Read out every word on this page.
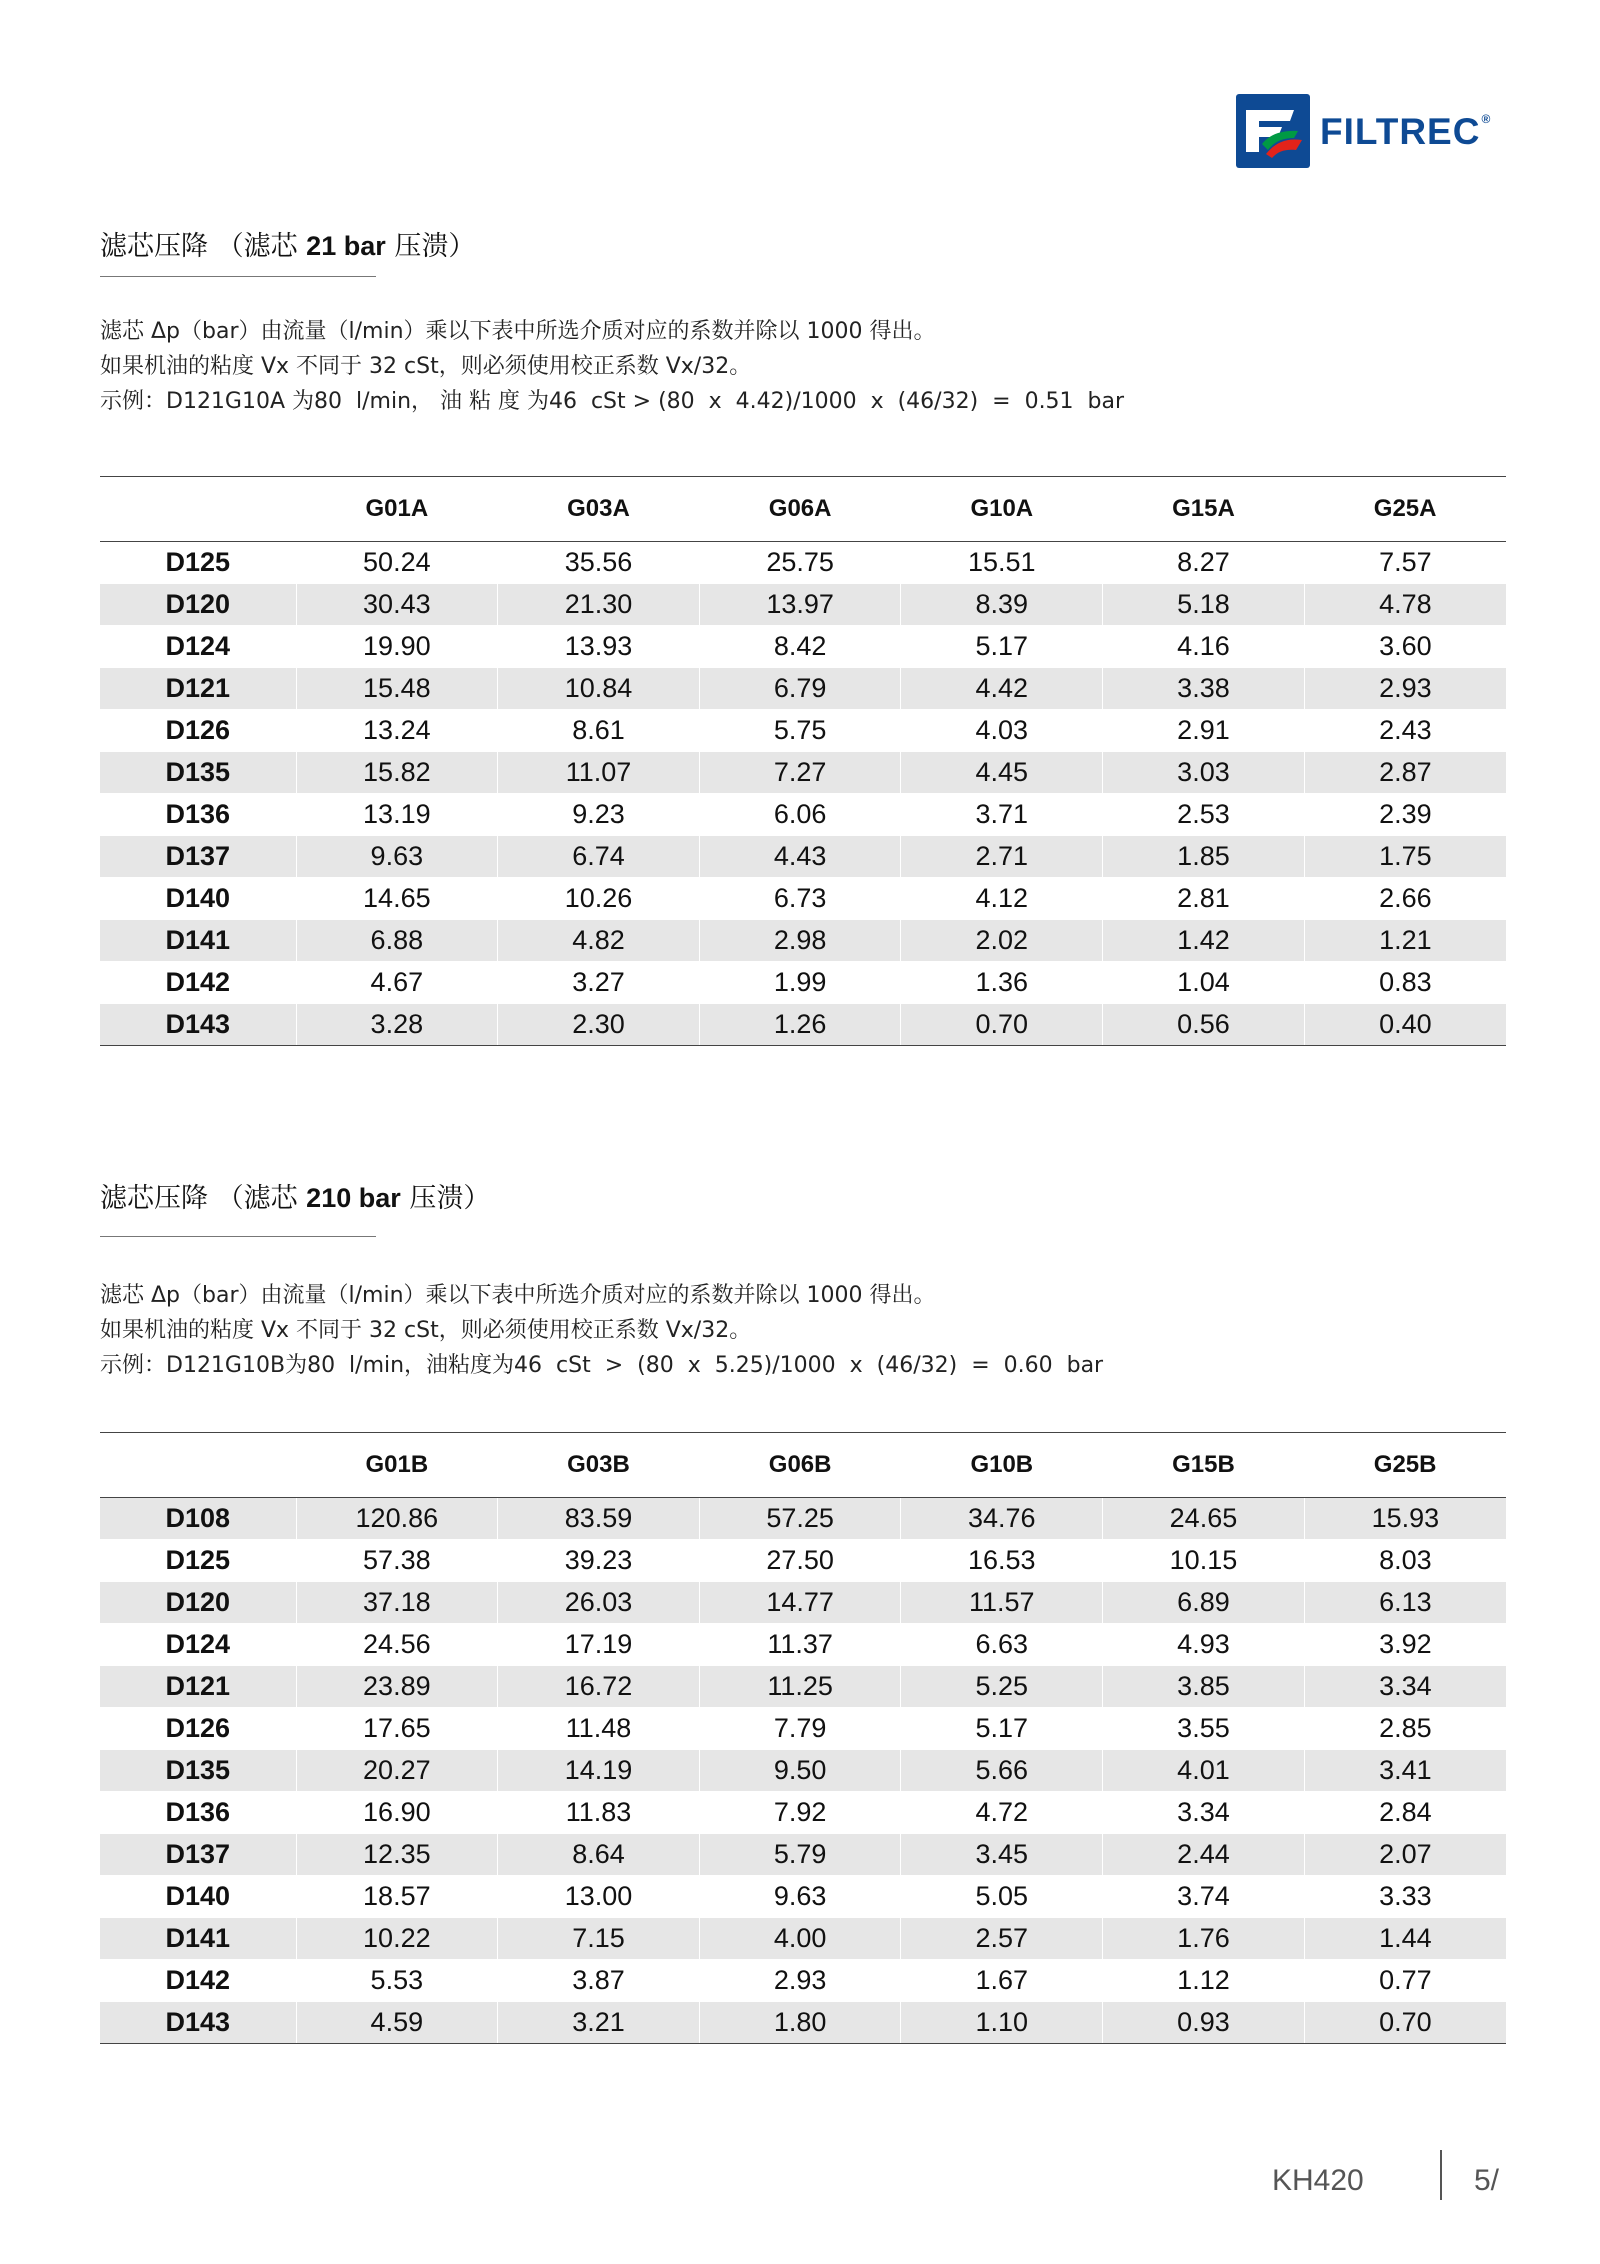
FILTREC®
滤芯压降 （滤芯 21 bar 压溃）
滤芯 Δp（bar）由流量（l/min）乘以下表中所选介质对应的系数并除以 1000 得出。
如果机油的粘度 Vx 不同于 32 cSt，则必须使用校正系数 Vx/32。
示例：D121G10A 为80  l/min， 油 粘 度 为46  cSt > (80  x  4.42)/1000  x  (46/32)  =  0.51  bar
	G01A	G03A	G06A	G10A	G15A	G25A
D125	50.24	35.56	25.75	15.51	8.27	7.57
D120	30.43	21.30	13.97	8.39	5.18	4.78
D124	19.90	13.93	8.42	5.17	4.16	3.60
D121	15.48	10.84	6.79	4.42	3.38	2.93
D126	13.24	8.61	5.75	4.03	2.91	2.43
D135	15.82	11.07	7.27	4.45	3.03	2.87
D136	13.19	9.23	6.06	3.71	2.53	2.39
D137	9.63	6.74	4.43	2.71	1.85	1.75
D140	14.65	10.26	6.73	4.12	2.81	2.66
D141	6.88	4.82	2.98	2.02	1.42	1.21
D142	4.67	3.27	1.99	1.36	1.04	0.83
D143	3.28	2.30	1.26	0.70	0.56	0.40
滤芯压降 （滤芯 210 bar 压溃）
滤芯 Δp（bar）由流量（l/min）乘以下表中所选介质对应的系数并除以 1000 得出。
如果机油的粘度 Vx 不同于 32 cSt，则必须使用校正系数 Vx/32。
示例：D121G10B为80  l/min，油粘度为46  cSt  >  (80  x  5.25)/1000  x  (46/32)  =  0.60  bar
	G01B	G03B	G06B	G10B	G15B	G25B
D108	120.86	83.59	57.25	34.76	24.65	15.93
D125	57.38	39.23	27.50	16.53	10.15	8.03
D120	37.18	26.03	14.77	11.57	6.89	6.13
D124	24.56	17.19	11.37	6.63	4.93	3.92
D121	23.89	16.72	11.25	5.25	3.85	3.34
D126	17.65	11.48	7.79	5.17	3.55	2.85
D135	20.27	14.19	9.50	5.66	4.01	3.41
D136	16.90	11.83	7.92	4.72	3.34	2.84
D137	12.35	8.64	5.79	3.45	2.44	2.07
D140	18.57	13.00	9.63	5.05	3.74	3.33
D141	10.22	7.15	4.00	2.57	1.76	1.44
D142	5.53	3.87	2.93	1.67	1.12	0.77
D143	4.59	3.21	1.80	1.10	0.93	0.70
KH420	5/
